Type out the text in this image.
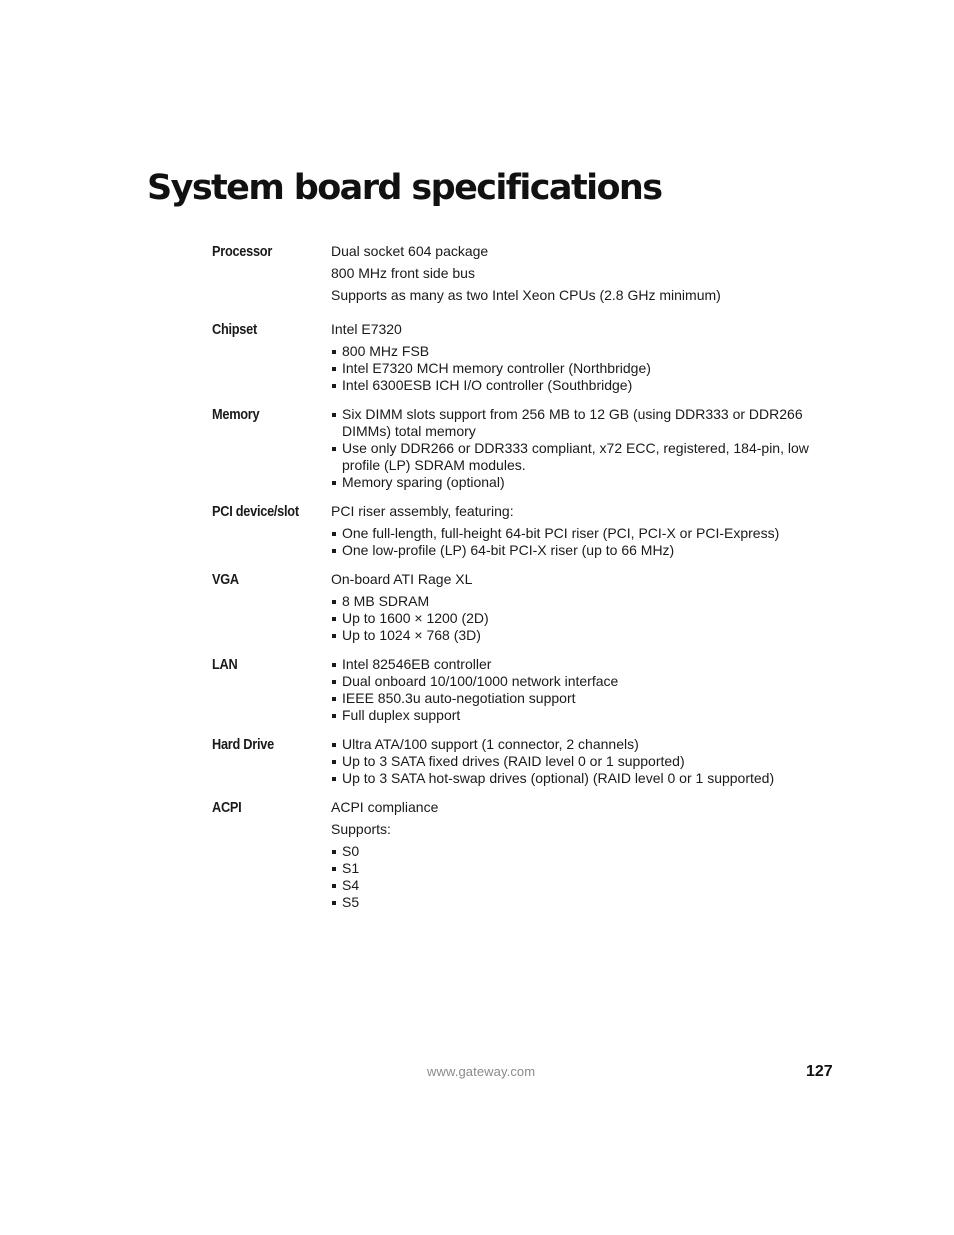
System board specifications
Processor	Dual socket 604 package
800 MHz front side bus
Supports as many as two Intel Xeon CPUs (2.8 GHz minimum)
Chipset	Intel E7320
800 MHz FSB
Intel E7320 MCH memory controller (Northbridge)
Intel 6300ESB ICH I/O controller (Southbridge)
Memory	Six DIMM slots support from 256 MB to 12 GB (using DDR333 or DDR266 DIMMs) total memory
Use only DDR266 or DDR333 compliant, x72 ECC, registered, 184-pin, low profile (LP) SDRAM modules.
Memory sparing (optional)
PCI device/slot	PCI riser assembly, featuring:
One full-length, full-height 64-bit PCI riser (PCI, PCI-X or PCI-Express)
One low-profile (LP) 64-bit PCI-X riser (up to 66 MHz)
VGA	On-board ATI Rage XL
8 MB SDRAM
Up to 1600 × 1200 (2D)
Up to 1024 × 768 (3D)
LAN	Intel 82546EB controller
Dual onboard 10/100/1000 network interface
IEEE 850.3u auto-negotiation support
Full duplex support
Hard Drive	Ultra ATA/100 support (1 connector, 2 channels)
Up to 3 SATA fixed drives (RAID level 0 or 1 supported)
Up to 3 SATA hot-swap drives (optional) (RAID level 0 or 1 supported)
ACPI	ACPI compliance
Supports:
S0
S1
S4
S5
www.gateway.com	127
